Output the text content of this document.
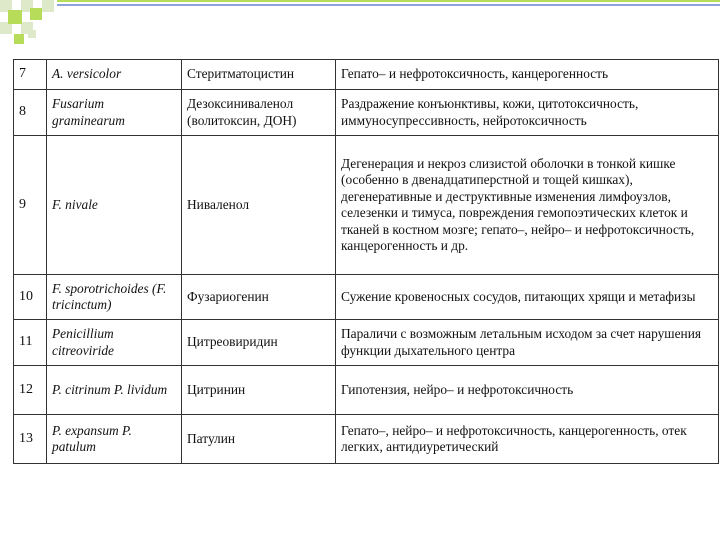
7	A. versicolor	Стеритматоцистин	Гепато– и нефротоксичность, канцерогенность
8	Fusarium graminearum	Дезоксиниваленол (волитоксин, ДОН)	Раздражение конъюнктивы, кожи, цитотоксичность, иммуносупрессивность, нейротоксичность
9	F. nivale	Ниваленол	Дегенерация и некроз слизистой оболочки в тонкой кишке (особенно в двенадцатиперстной и тощей кишках), дегенеративные и деструктивные изменения лимфоузлов, селезенки и тимуса, повреждения гемопоэтических клеток и тканей в костном мозге; гепато–, нейро– и нефротоксичность, канцерогенность и др.
10	F. sporotrichoides (F. tricinctum)	Фузариогенин	Сужение кровеносных сосудов, питающих хрящи и метафизы
11	Penicillium citreoviride	Цитреовиридин	Параличи с возможным летальным исходом за счет нарушения функции дыхательного центра
12	P. citrinum P. lividum	Цитринин	Гипотензия, нейро– и нефротоксичность
13	P. expansum P. patulum	Патулин	Гепато–, нейро– и нефротоксичность, канцерогенность, отек легких, антидиуретический
